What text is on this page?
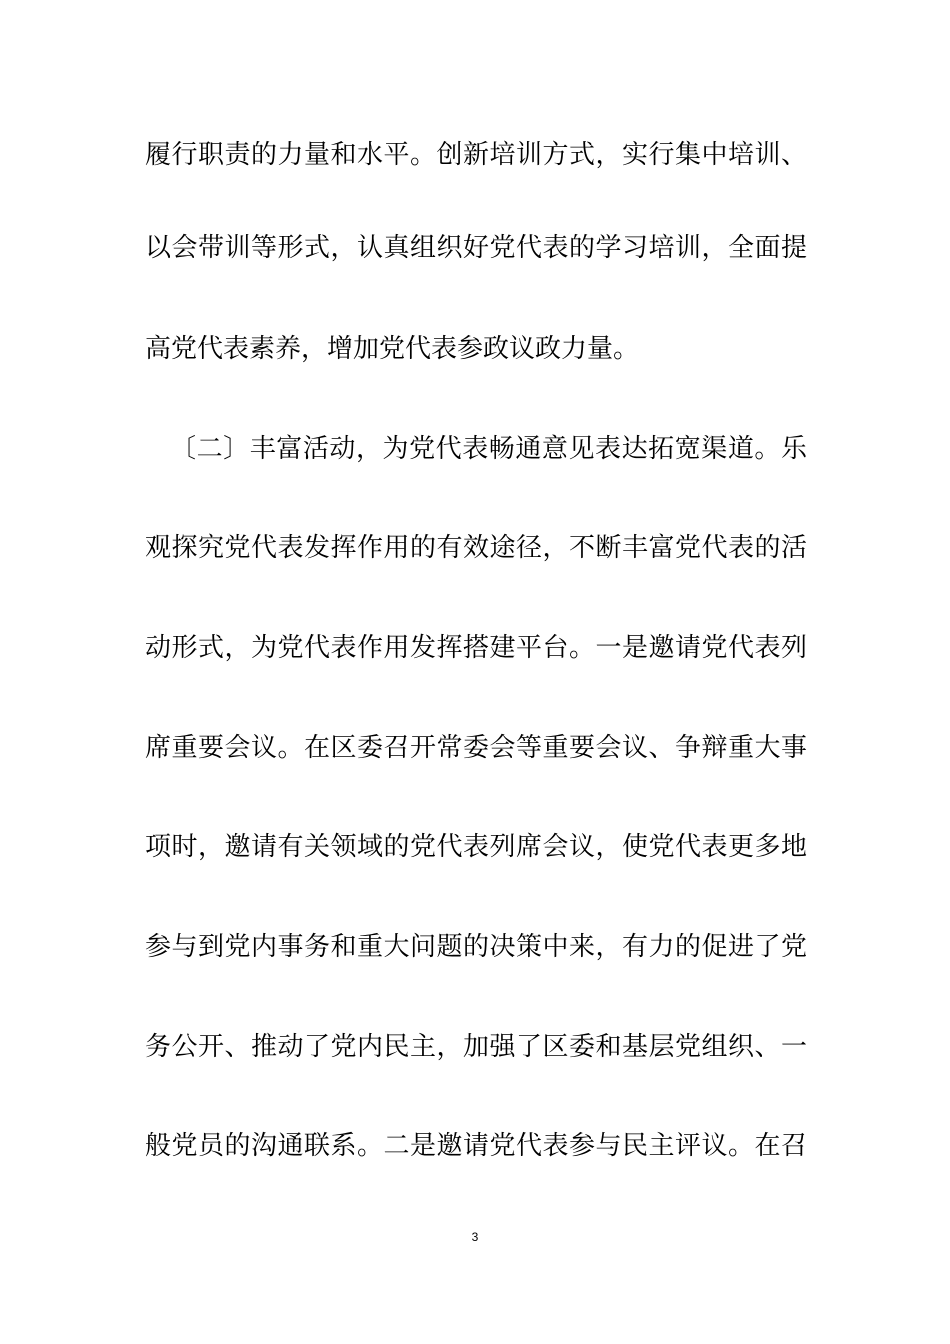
履行职责的力量和水平。创新培训方式，实行集中培训、
以会带训等形式，认真组织好党代表的学习培训，全面提
高党代表素养，增加党代表参政议政力量。
〔二〕丰富活动，为党代表畅通意见表达拓宽渠道。乐
观探究党代表发挥作用的有效途径，不断丰富党代表的活
动形式，为党代表作用发挥搭建平台。一是邀请党代表列
席重要会议。在区委召开常委会等重要会议、争辩重大事
项时，邀请有关领域的党代表列席会议，使党代表更多地
参与到党内事务和重大问题的决策中来，有力的促进了党
务公开、推动了党内民主，加强了区委和基层党组织、一
般党员的沟通联系。二是邀请党代表参与民主评议。在召
3
